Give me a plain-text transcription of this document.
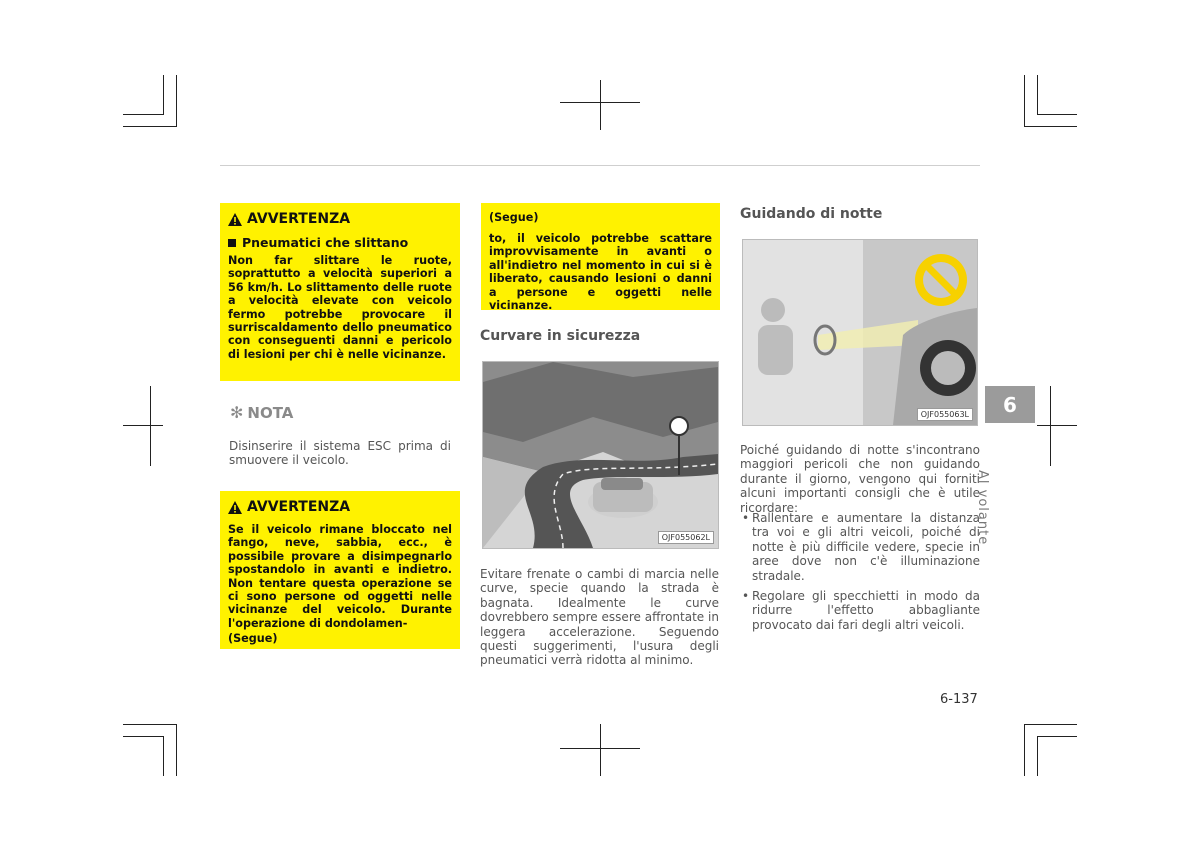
AVVERTENZA
Pneumatici che slittano
Non far slittare le ruote, soprattutto a velocità superiori a 56 km/h. Lo slittamento delle ruote a velocità elevate con veicolo fermo potrebbe provocare il surriscaldamento dello pneumatico con conseguenti danni e pericolo di lesioni per chi è nelle vicinanze.
✻ NOTA
Disinserire il sistema ESC prima di smuovere il veicolo.
AVVERTENZA
Se il veicolo rimane bloccato nel fango, neve, sabbia, ecc., è possibile provare a disimpegnarlo spostandolo in avanti e indietro. Non tentare questa operazione se ci sono persone od oggetti nelle vicinanze del veicolo. Durante l'operazione di dondolamen-
(Segue)
(Segue)
to, il veicolo potrebbe scattare improvvisamente in avanti o all'indietro nel momento in cui si è liberato, causando lesioni o danni a persone e oggetti nelle vicinanze.
Curvare in sicurezza
OJF055062L
Evitare frenate o cambi di marcia nelle curve, specie quando la strada è bagnata. Idealmente le curve dovrebbero sempre essere affrontate in leggera accelerazione. Seguendo questi suggerimenti, l'usura degli pneumatici verrà ridotta al minimo.
Guidando di notte
OJF055063L
Poiché guidando di notte s'incontrano maggiori pericoli che non guidando durante il giorno, vengono qui forniti alcuni importanti consigli che è utile ricordare:
• Rallentare e aumentare la distanza tra voi e gli altri veicoli, poiché di notte è più difficile vedere, specie in aree dove non c'è illuminazione stradale.
• Regolare gli specchietti in modo da ridurre l'effetto abbagliante provocato dai fari degli altri veicoli.
6
Al volante
6-137
